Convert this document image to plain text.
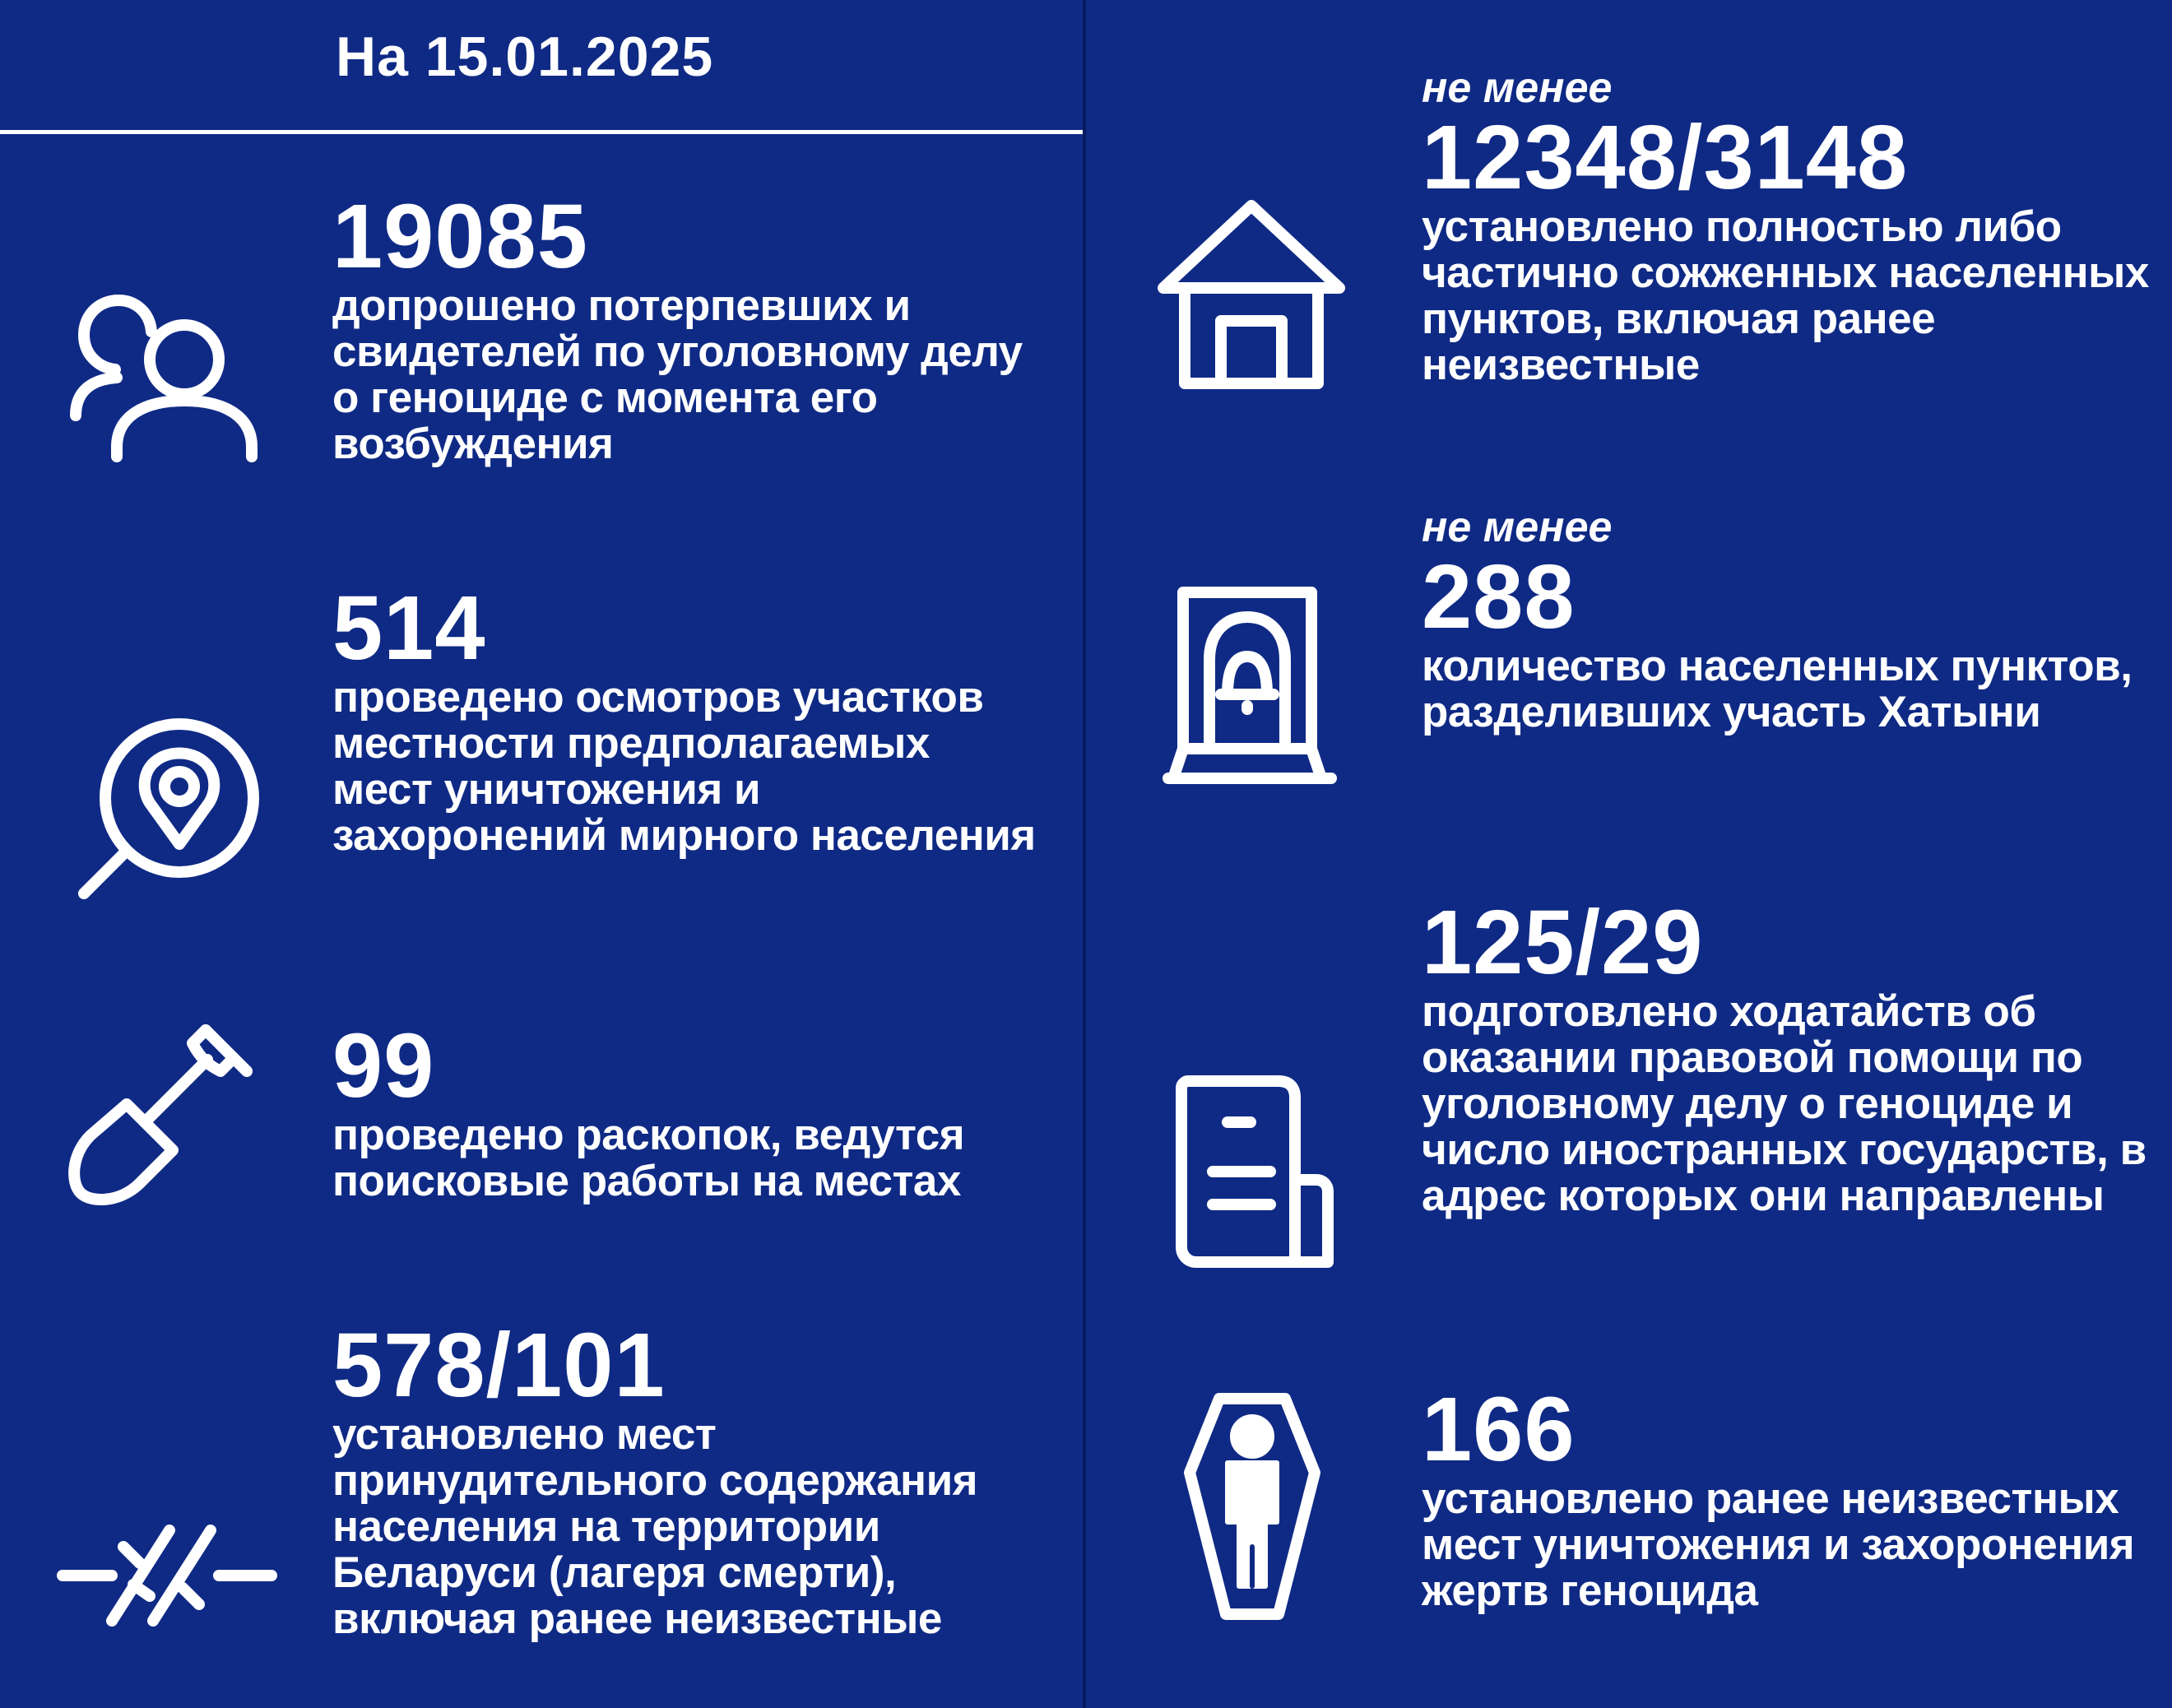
На 15.01.2025
19085
допрошено потерпевших и свидетелей по уголовному делу о геноциде с момента его возбуждения
514
проведено осмотров участков местности предполагаемых мест уничтожения и захоронений мирного населения
99
проведено раскопок, ведутся поисковые работы на местах
578/101
установлено мест принудительного содержания населения на территории Беларуси (лагеря смерти), включая ранее неизвестные
не менее
12348/3148
установлено полностью либо частично сожженных населенных пунктов, включая ранее неизвестные
не менее
288
количество населенных пунктов, разделивших участь Хатыни
125/29
подготовлено ходатайств об оказании правовой помощи по уголовному делу о геноциде и число иностранных государств, в адрес которых они направлены
166
установлено ранее неизвестных мест уничтожения и захоронения жертв геноцида
